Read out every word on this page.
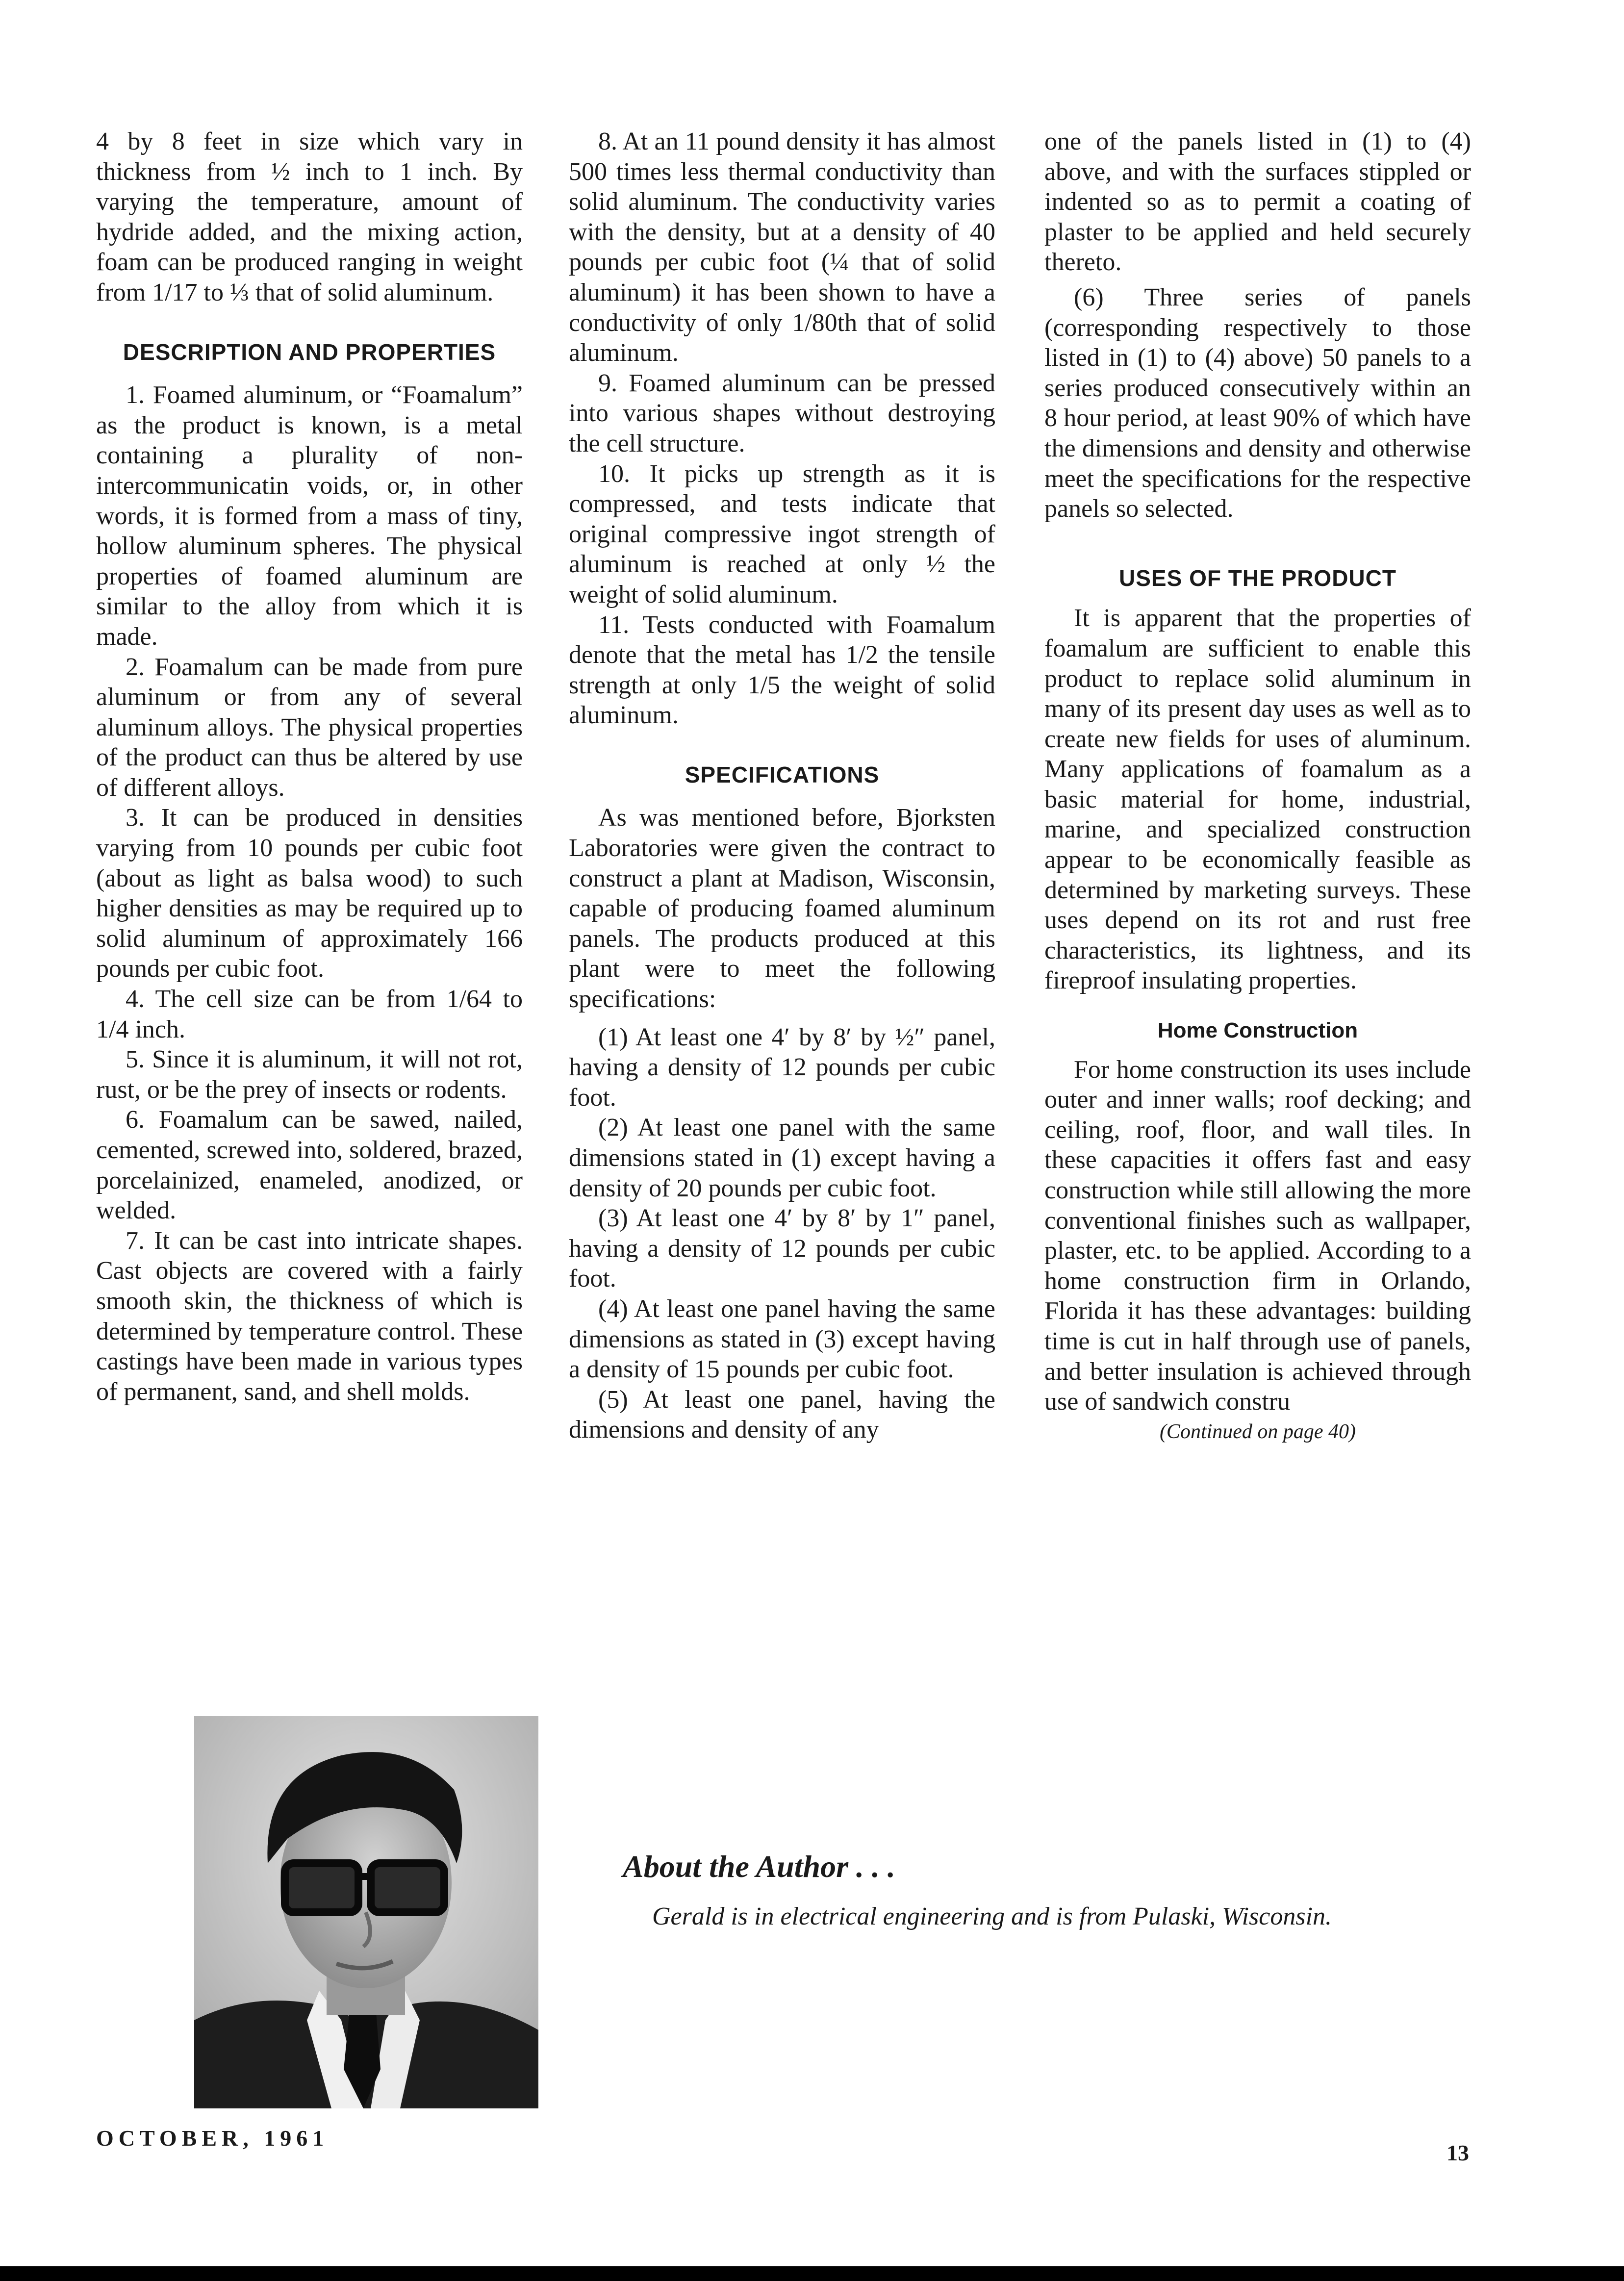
4 by 8 feet in size which vary in thickness from ½ inch to 1 inch. By varying the temperature, amount of hydride added, and the mixing action, foam can be produced ranging in weight from 1/17 to ⅓ that of solid aluminum.

DESCRIPTION AND PROPERTIES

1. Foamed aluminum, or “Foamalum” as the product is known, is a metal containing a plurality of non-intercommunicatin voids, or, in other words, it is formed from a mass of tiny, hollow aluminum spheres. The physical properties of foamed aluminum are similar to the alloy from which it is made.

2. Foamalum can be made from pure aluminum or from any of several aluminum alloys. The physical properties of the product can thus be altered by use of different alloys.

3. It can be produced in densities varying from 10 pounds per cubic foot (about as light as balsa wood) to such higher densities as may be required up to solid aluminum of approximately 166 pounds per cubic foot.

4. The cell size can be from 1/64 to 1/4 inch.

5. Since it is aluminum, it will not rot, rust, or be the prey of insects or rodents.

6. Foamalum can be sawed, nailed, cemented, screwed into, soldered, brazed, porcelainized, enameled, anodized, or welded.

7. It can be cast into intricate shapes. Cast objects are covered with a fairly smooth skin, the thickness of which is determined by temperature control. These castings have been made in various types of permanent, sand, and shell molds.

8. At an 11 pound density it has almost 500 times less thermal conductivity than solid aluminum. The conductivity varies with the density, but at a density of 40 pounds per cubic foot (¼ that of solid aluminum) it has been shown to have a conductivity of only 1/80th that of solid aluminum.

9. Foamed aluminum can be pressed into various shapes without destroying the cell structure.

10. It picks up strength as it is compressed, and tests indicate that original compressive ingot strength of aluminum is reached at only ½ the weight of solid aluminum.

11. Tests conducted with Foamalum denote that the metal has 1/2 the tensile strength at only 1/5 the weight of solid aluminum.

SPECIFICATIONS

As was mentioned before, Bjorksten Laboratories were given the contract to construct a plant at Madison, Wisconsin, capable of producing foamed aluminum panels. The products produced at this plant were to meet the following specifications:

(1) At least one 4′ by 8′ by ½″ panel, having a density of 12 pounds per cubic foot.

(2) At least one panel with the same dimensions stated in (1) except having a density of 20 pounds per cubic foot.

(3) At least one 4′ by 8′ by 1″ panel, having a density of 12 pounds per cubic foot.

(4) At least one panel having the same dimensions as stated in (3) except having a density of 15 pounds per cubic foot.

(5) At least one panel, having the dimensions and density of any

one of the panels listed in (1) to (4) above, and with the surfaces stippled or indented so as to permit a coating of plaster to be applied and held securely thereto.

(6) Three series of panels (corresponding respectively to those listed in (1) to (4) above) 50 panels to a series produced consecutively within an 8 hour period, at least 90% of which have the dimensions and density and otherwise meet the specifications for the respective panels so selected.

USES OF THE PRODUCT

It is apparent that the properties of foamalum are sufficient to enable this product to replace solid aluminum in many of its present day uses as well as to create new fields for uses of aluminum. Many applications of foamalum as a basic material for home, industrial, marine, and specialized construction appear to be economically feasible as determined by marketing surveys. These uses depend on its rot and rust free characteristics, its lightness, and its fireproof insulating properties.

Home Construction

For home construction its uses include outer and inner walls; roof decking; and ceiling, roof, floor, and wall tiles. In these capacities it offers fast and easy construction while still allowing the more conventional finishes such as wallpaper, plaster, etc. to be applied. According to a home construction firm in Orlando, Florida it has these advantages: building time is cut in half through use of panels, and better insulation is achieved through use of sandwich constru

(Continued on page 40)

About the Author . . .
Gerald is in electrical engineering and is from Pulaski, Wisconsin.
OCTOBER, 1961
13
